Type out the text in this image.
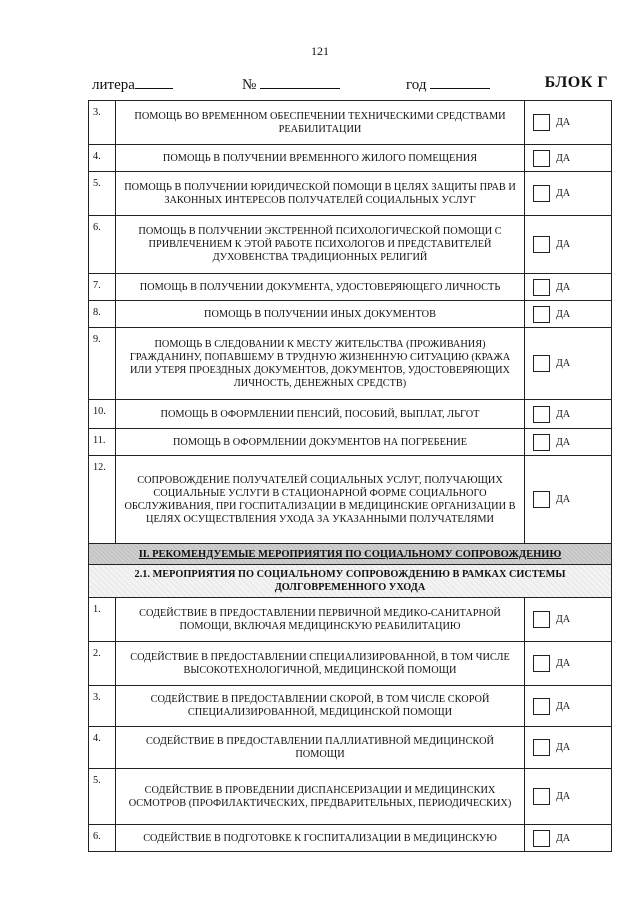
121
литера	№	год	БЛОК Г
3.	ПОМОЩЬ ВО ВРЕМЕННОМ ОБЕСПЕЧЕНИИ ТЕХНИЧЕСКИМИ СРЕДСТВАМИ РЕАБИЛИТАЦИИ	ДА

4.	ПОМОЩЬ В ПОЛУЧЕНИИ ВРЕМЕННОГО ЖИЛОГО ПОМЕЩЕНИЯ	ДА

5.	ПОМОЩЬ В ПОЛУЧЕНИИ ЮРИДИЧЕСКОЙ ПОМОЩИ В ЦЕЛЯХ ЗАЩИТЫ ПРАВ И ЗАКОННЫХ ИНТЕРЕСОВ ПОЛУЧАТЕЛЕЙ СОЦИАЛЬНЫХ УСЛУГ	ДА

6.	ПОМОЩЬ В ПОЛУЧЕНИИ ЭКСТРЕННОЙ ПСИХОЛОГИЧЕСКОЙ ПОМОЩИ С ПРИВЛЕЧЕНИЕМ К ЭТОЙ РАБОТЕ ПСИХОЛОГОВ И ПРЕДСТАВИТЕЛЕЙ ДУХОВЕНСТВА ТРАДИЦИОННЫХ РЕЛИГИЙ	ДА

7.	ПОМОЩЬ В ПОЛУЧЕНИИ ДОКУМЕНТА, УДОСТОВЕРЯЮЩЕГО ЛИЧНОСТЬ	ДА

8.	ПОМОЩЬ В ПОЛУЧЕНИИ ИНЫХ ДОКУМЕНТОВ	ДА

9.	ПОМОЩЬ В СЛЕДОВАНИИ К МЕСТУ ЖИТЕЛЬСТВА (ПРОЖИВАНИЯ) ГРАЖДАНИНУ, ПОПАВШЕМУ В ТРУДНУЮ ЖИЗНЕННУЮ СИТУАЦИЮ (КРАЖА ИЛИ УТЕРЯ ПРОЕЗДНЫХ ДОКУМЕНТОВ, ДОКУМЕНТОВ, УДОСТОВЕРЯЮЩИХ ЛИЧНОСТЬ, ДЕНЕЖНЫХ СРЕДСТВ)	ДА

10.	ПОМОЩЬ В ОФОРМЛЕНИИ ПЕНСИЙ, ПОСОБИЙ, ВЫПЛАТ, ЛЬГОТ	ДА

11.	ПОМОЩЬ В ОФОРМЛЕНИИ ДОКУМЕНТОВ НА ПОГРЕБЕНИЕ	ДА

12.	СОПРОВОЖДЕНИЕ ПОЛУЧАТЕЛЕЙ СОЦИАЛЬНЫХ УСЛУГ, ПОЛУЧАЮЩИХ СОЦИАЛЬНЫЕ УСЛУГИ В СТАЦИОНАРНОЙ ФОРМЕ СОЦИАЛЬНОГО ОБСЛУЖИВАНИЯ, ПРИ ГОСПИТАЛИЗАЦИИ В МЕДИЦИНСКИЕ ОРГАНИЗАЦИИ В ЦЕЛЯХ ОСУЩЕСТВЛЕНИЯ УХОДА ЗА УКАЗАННЫМИ ПОЛУЧАТЕЛЯМИ	ДА

II. РЕКОМЕНДУЕМЫЕ МЕРОПРИЯТИЯ ПО СОЦИАЛЬНОМУ СОПРОВОЖДЕНИЮ		
2.1. МЕРОПРИЯТИЯ ПО СОЦИАЛЬНОМУ СОПРОВОЖДЕНИЮ В РАМКАХ СИСТЕМЫ ДОЛГОВРЕМЕННОГО УХОДА		
1.	СОДЕЙСТВИЕ В ПРЕДОСТАВЛЕНИИ ПЕРВИЧНОЙ МЕДИКО-САНИТАРНОЙ ПОМОЩИ, ВКЛЮЧАЯ МЕДИЦИНСКУЮ РЕАБИЛИТАЦИЮ	ДА

2.	СОДЕЙСТВИЕ В ПРЕДОСТАВЛЕНИИ СПЕЦИАЛИЗИРОВАННОЙ, В ТОМ ЧИСЛЕ ВЫСОКОТЕХНОЛОГИЧНОЙ, МЕДИЦИНСКОЙ ПОМОЩИ	ДА

3.	СОДЕЙСТВИЕ В ПРЕДОСТАВЛЕНИИ СКОРОЙ, В ТОМ ЧИСЛЕ СКОРОЙ СПЕЦИАЛИЗИРОВАННОЙ, МЕДИЦИНСКОЙ ПОМОЩИ	ДА

4.	СОДЕЙСТВИЕ В ПРЕДОСТАВЛЕНИИ ПАЛЛИАТИВНОЙ МЕДИЦИНСКОЙ ПОМОЩИ	ДА

5.	СОДЕЙСТВИЕ В ПРОВЕДЕНИИ ДИСПАНСЕРИЗАЦИИ И МЕДИЦИНСКИХ ОСМОТРОВ (ПРОФИЛАКТИЧЕСКИХ, ПРЕДВАРИТЕЛЬНЫХ, ПЕРИОДИЧЕСКИХ)	ДА

6.	СОДЕЙСТВИЕ В ПОДГОТОВКЕ К ГОСПИТАЛИЗАЦИИ В МЕДИЦИНСКУЮ	ДА
